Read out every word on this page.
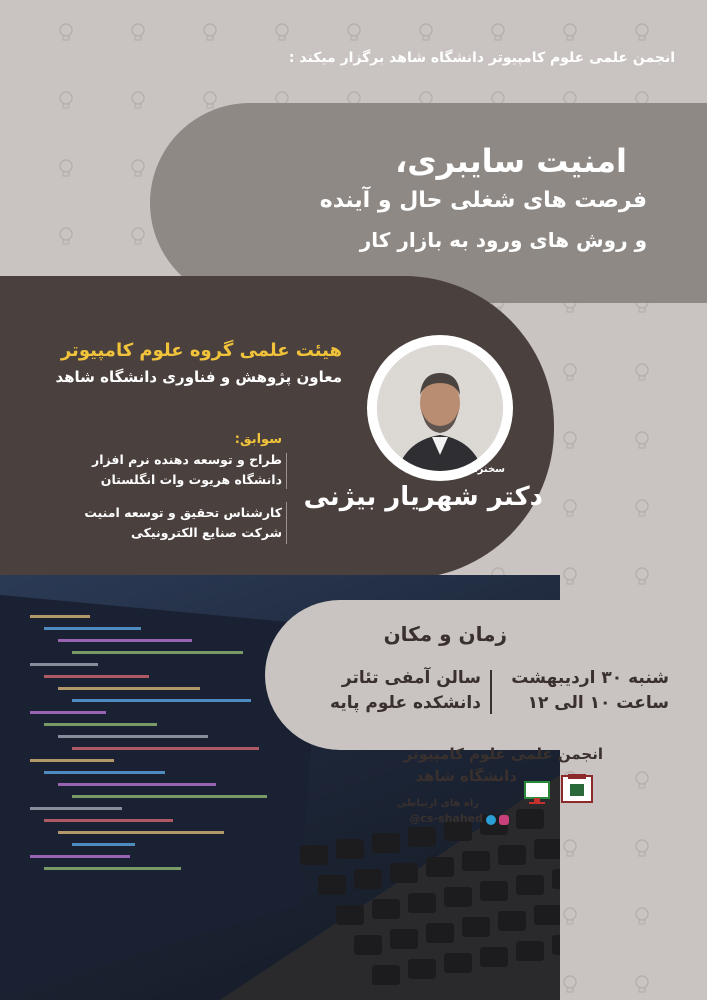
انجمن علمی علوم کامپیوتر دانشگاه شاهد برگزار میکند :
امنیت سایبری،
فرصت های شغلی حال و آینده
و روش های ورود به بازار کار
هیئت علمی گروه علوم کامپیوتر
معاون پژوهش و فناوری دانشگاه شاهد
سوابق:
طراح و توسعه دهنده نرم افزار
دانشگاه هریوت وات انگلستان
کارشناس تحقیق و توسعه امنیت
شرکت صنایع الکترونیکی
سخنران
دکتر شهریار بیژنی
زمان و مکان
شنبه ۳۰ اردیبهشت
ساعت ۱۰ الی ۱۲
سالن آمفی تئاتر
دانشکده علوم پایه
انجمن علمی علوم کامپیوتر
دانشگاه شاهد
راه های ارتباطی
@cs-shahed
